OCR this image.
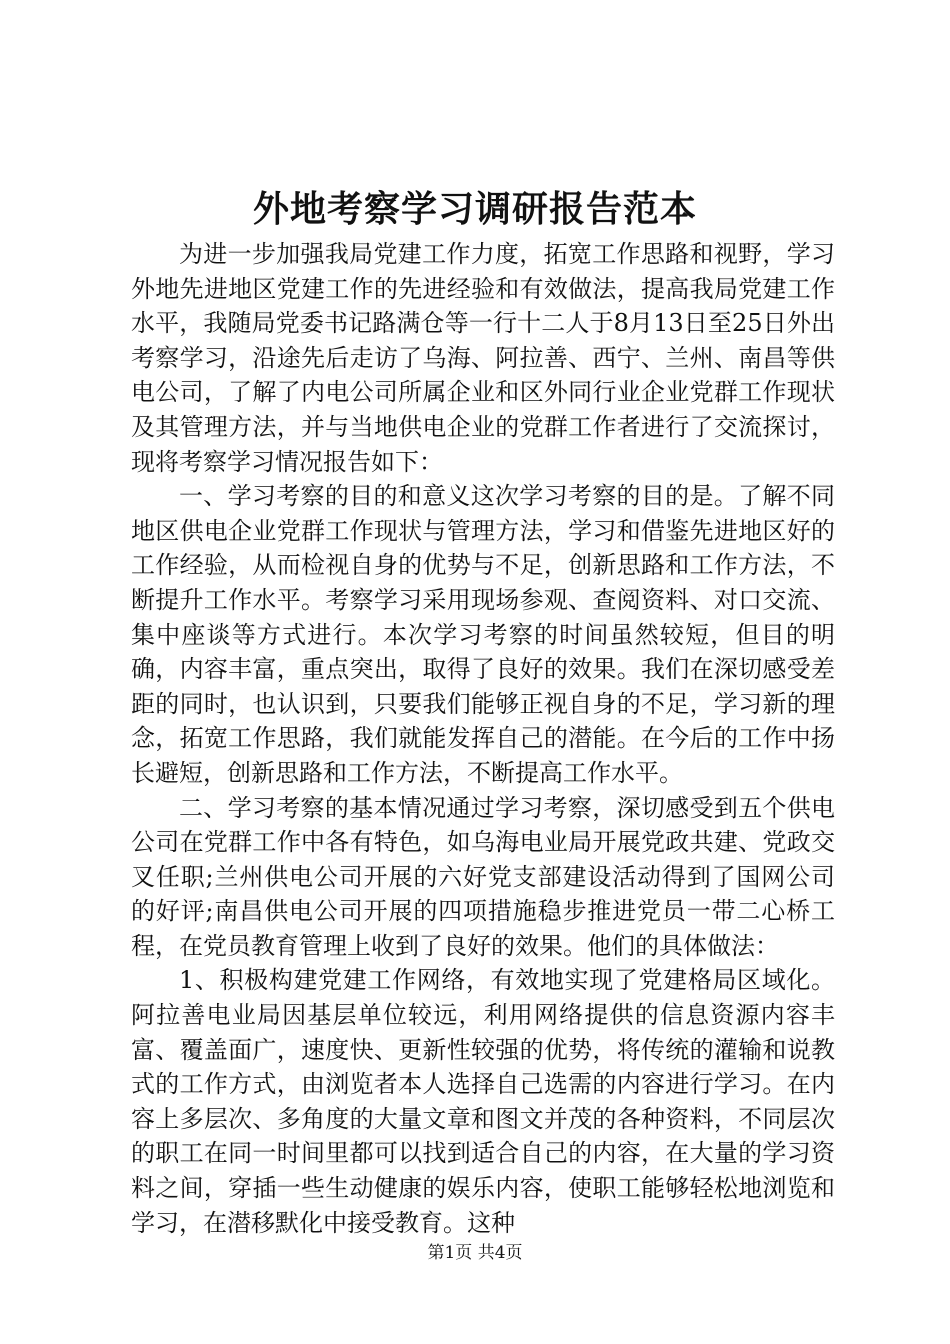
外地考察学习调研报告范本

为进一步加强我局党建工作力度，拓宽工作思路和视野，学习外地先进地区党建工作的先进经验和有效做法，提高我局党建工作水平，我随局党委书记路满仓等一行十二人于8月13日至25日外出考察学习，沿途先后走访了乌海、阿拉善、西宁、兰州、南昌等供电公司，了解了内电公司所属企业和区外同行业企业党群工作现状及其管理方法，并与当地供电企业的党群工作者进行了交流探讨，现将考察学习情况报告如下：

一、学习考察的目的和意义这次学习考察的目的是。了解不同地区供电企业党群工作现状与管理方法，学习和借鉴先进地区好的工作经验，从而检视自身的优势与不足，创新思路和工作方法，不断提升工作水平。考察学习采用现场参观、查阅资料、对口交流、集中座谈等方式进行。本次学习考察的时间虽然较短，但目的明确，内容丰富，重点突出，取得了良好的效果。我们在深切感受差距的同时，也认识到，只要我们能够正视自身的不足，学习新的理念，拓宽工作思路，我们就能发挥自己的潜能。在今后的工作中扬长避短，创新思路和工作方法，不断提高工作水平。

二、学习考察的基本情况通过学习考察，深切感受到五个供电公司在党群工作中各有特色，如乌海电业局开展党政共建、党政交叉任职;兰州供电公司开展的六好党支部建设活动得到了国网公司的好评;南昌供电公司开展的四项措施稳步推进党员一带二心桥工程，在党员教育管理上收到了良好的效果。他们的具体做法：

1、积极构建党建工作网络，有效地实现了党建格局区域化。阿拉善电业局因基层单位较远，利用网络提供的信息资源内容丰富、覆盖面广，速度快、更新性较强的优势，将传统的灌输和说教式的工作方式，由浏览者本人选择自己选需的内容进行学习。在内容上多层次、多角度的大量文章和图文并茂的各种资料，不同层次的职工在同一时间里都可以找到适合自己的内容，在大量的学习资料之间，穿插一些生动健康的娱乐内容，使职工能够轻松地浏览和学习，在潜移默化中接受教育。这种

第1页 共4页
